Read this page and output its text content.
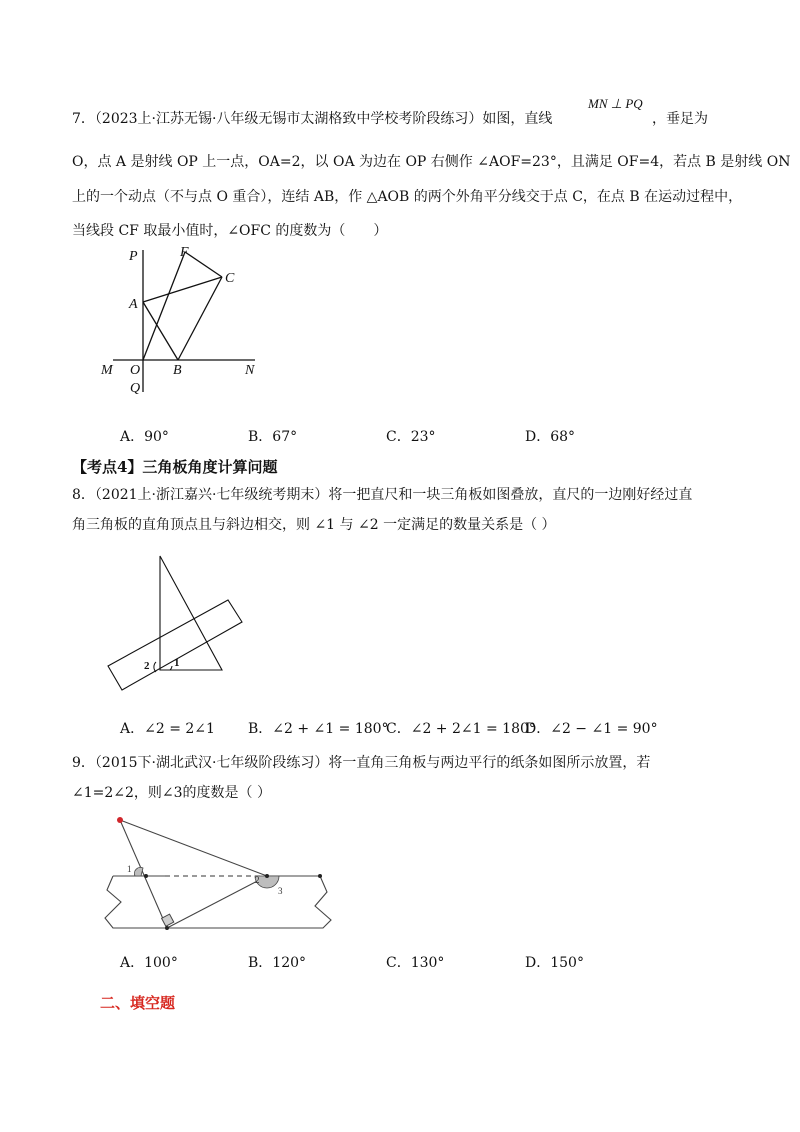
7．（2023上·江苏无锡·八年级无锡市太湖格致中学校考阶段练习）如图，直线
MN ⊥ PQ
，垂足为
O，点 A 是射线 OP 上一点，OA=2，以 OA 为边在 OP 右侧作 ∠AOF=23°，且满足 OF=4，若点 B 是射线 ON
上的一个动点（不与点 O 重合），连结 AB，作 △AOB 的两个外角平分线交于点 C，在点 B 在运动过程中，
当线段 CF 取最小值时，∠OFC 的度数为（　　）
P	F
C
A
M O B	N
Q
A．90°	B．67°	C．23°	D．68°
【考点4】三角板角度计算问题
8．（2021上·浙江嘉兴·七年级统考期末）将一把直尺和一块三角板如图叠放，直尺的一边刚好经过直
角三角板的直角顶点且与斜边相交，则 ∠1 与 ∠2 一定满足的数量关系是（ ）
2 1
A．∠2 = 2∠1 B．∠2 + ∠1 = 180°
C．∠2 + 2∠1 = 180°
D．∠2 − ∠1 = 90°
9．（2015下·湖北武汉·七年级阶段练习）将一直角三角板与两边平行的纸条如图所示放置，若
∠1=2∠2，则∠3的度数是（ ）
1
2
3
A．100°	B．120°	C．130°	D．150°
二、填空题
